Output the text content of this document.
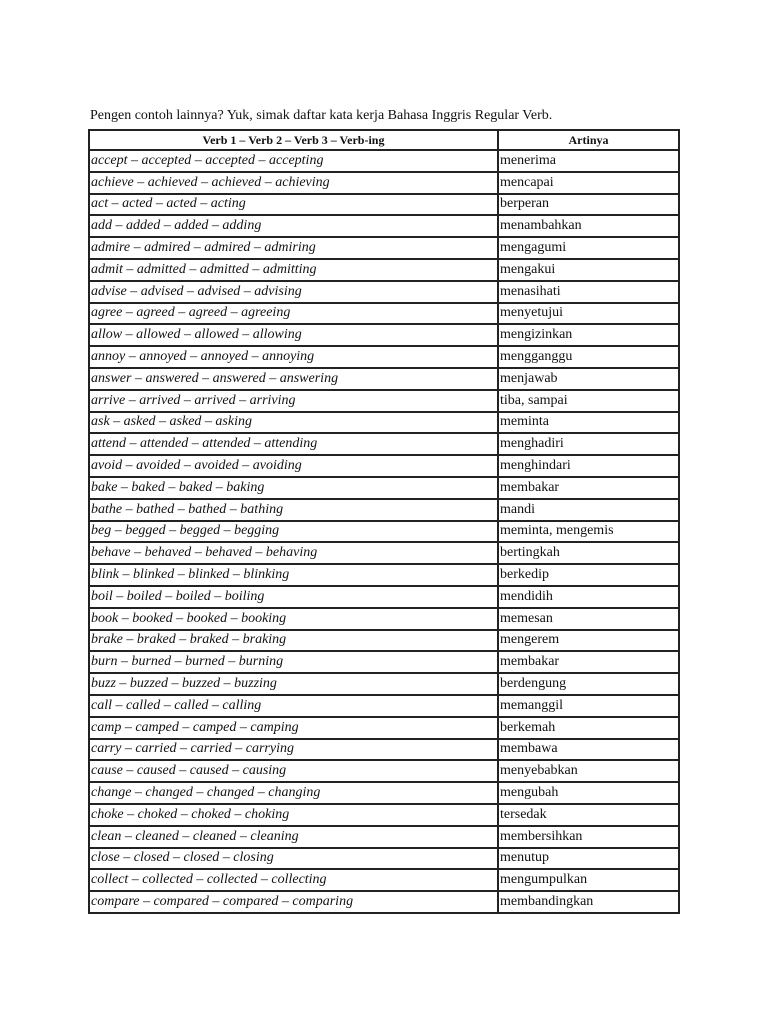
Pengen contoh lainnya? Yuk, simak daftar kata kerja Bahasa Inggris Regular Verb.

Verb 1 – Verb 2 – Verb 3 – Verb-ing	Artinya
accept – accepted – accepted – accepting	menerima
achieve – achieved – achieved – achieving	mencapai
act – acted – acted – acting	berperan
add – added – added – adding	menambahkan
admire – admired – admired – admiring	mengagumi
admit – admitted – admitted – admitting	mengakui
advise – advised – advised – advising	menasihati
agree – agreed – agreed – agreeing	menyetujui
allow – allowed – allowed – allowing	mengizinkan
annoy – annoyed – annoyed – annoying	mengganggu
answer – answered – answered – answering	menjawab
arrive – arrived – arrived – arriving	tiba, sampai
ask – asked – asked – asking	meminta
attend – attended – attended – attending	menghadiri
avoid – avoided – avoided – avoiding	menghindari
bake – baked – baked – baking	membakar
bathe – bathed – bathed – bathing	mandi
beg – begged – begged – begging	meminta, mengemis
behave – behaved – behaved – behaving	bertingkah
blink – blinked – blinked – blinking	berkedip
boil – boiled – boiled – boiling	mendidih
book – booked – booked – booking	memesan
brake – braked – braked – braking	mengerem
burn – burned – burned – burning	membakar
buzz – buzzed – buzzed – buzzing	berdengung
call – called – called – calling	memanggil
camp – camped – camped – camping	berkemah
carry – carried – carried – carrying	membawa
cause – caused – caused – causing	menyebabkan
change – changed – changed – changing	mengubah
choke – choked – choked – choking	tersedak
clean – cleaned – cleaned – cleaning	membersihkan
close – closed – closed – closing	menutup
collect – collected – collected – collecting	mengumpulkan
compare – compared – compared – comparing	membandingkan
